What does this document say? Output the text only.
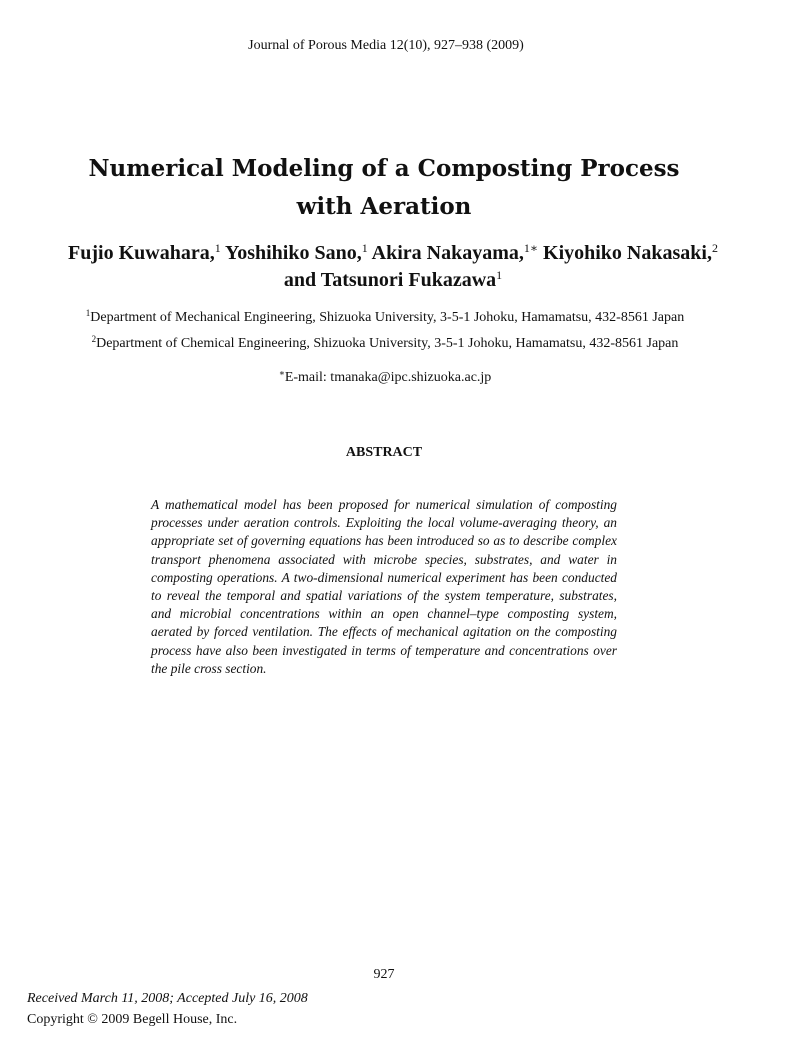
Journal of Porous Media 12(10), 927–938 (2009)
Numerical Modeling of a Composting Process
with Aeration
Fujio Kuwahara,$^1$ Yoshihiko Sano,$^1$ Akira Nakayama,$^{1∗}$ Kiyohiko Nakasaki,$^2$
and Tatsunori Fukazawa$^1$
$^1$Department of Mechanical Engineering, Shizuoka University, 3-5-1 Johoku, Hamamatsu, 432-8561 Japan
$^2$Department of Chemical Engineering, Shizuoka University, 3-5-1 Johoku, Hamamatsu, 432-8561 Japan
∗E-mail: tmanaka@ipc.shizuoka.ac.jp
ABSTRACT
A mathematical model has been proposed for numerical simulation of composting processes under aeration controls. Exploiting the local volume-averaging theory, an appropriate set of governing equations has been introduced so as to describe complex transport phenomena associated with microbe species, substrates, and water in composting operations. A two-dimensional numerical experiment has been conducted to reveal the temporal and spatial variations of the system temperature, substrates, and microbial concentrations within an open channel–type composting system, aerated by forced ventilation. The effects of mechanical agitation on the composting process have also been investigated in terms of temperature and concentrations over the pile cross section.
927
Received March 11, 2008; Accepted July 16, 2008
Copyright © 2009 Begell House, Inc.
